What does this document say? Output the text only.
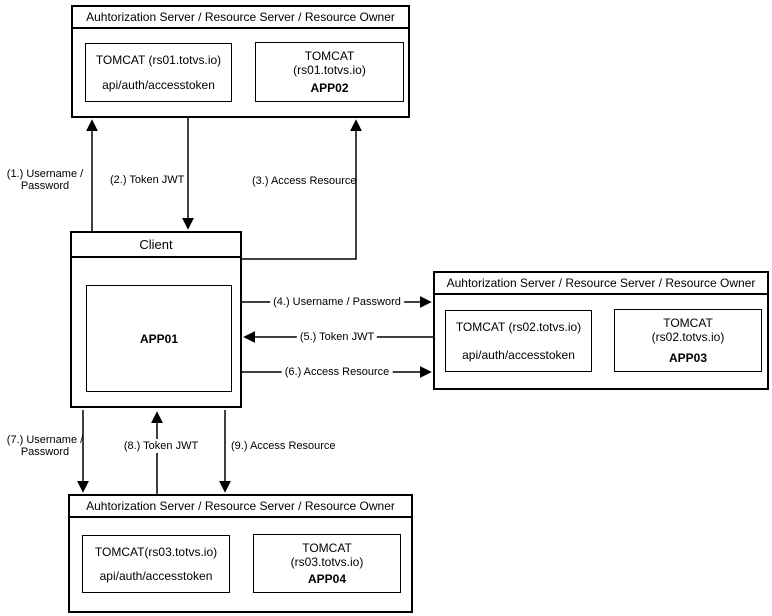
Auhtorization Server / Resource Server / Resource Owner
TOMCAT (rs01.totvs.io)
api/auth/accesstoken
TOMCAT
(rs01.totvs.io)
APP02
Client
APP01
Auhtorization Server / Resource Server / Resource Owner
TOMCAT (rs02.totvs.io)
api/auth/accesstoken
TOMCAT
(rs02.totvs.io)
APP03
Auhtorization Server / Resource Server / Resource Owner
TOMCAT(rs03.totvs.io)
api/auth/accesstoken
TOMCAT
(rs03.totvs.io)
APP04
(1.) Username / Password	(2.) Token JWT	(3.) Access Resource
(4.) Username / Password
(5.) Token JWT
(6.) Access Resource
(7.) Username / Password	(8.) Token JWT	(9.) Access Resource
